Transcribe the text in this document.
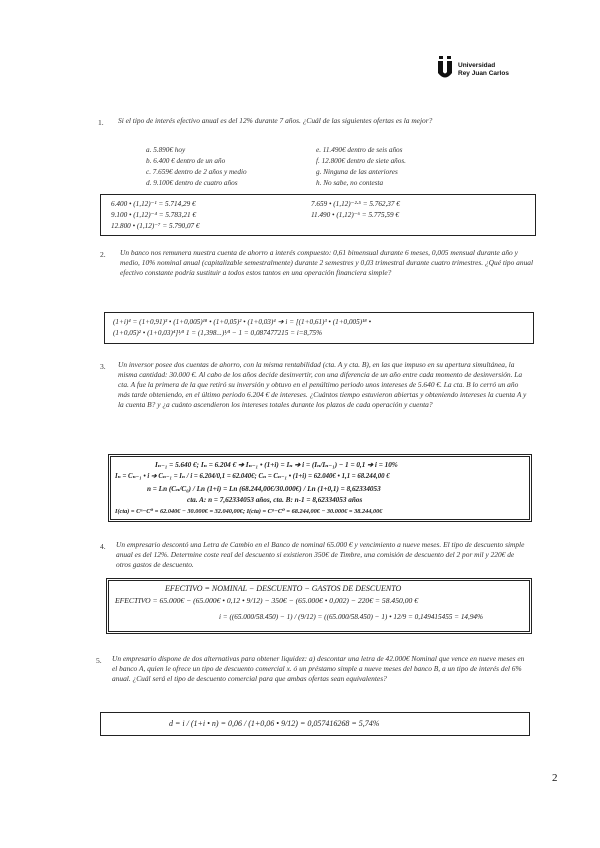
Universidad
Rey Juan Carlos
1. Si el tipo de interés efectivo anual es del 12% durante 7 años. ¿Cuál de las siguientes ofertas es la mejor?
a. 5.890€ hoy
b. 6.400 € dentro de un año
c. 7.659€ dentro de 2 años y medio
d. 9.100€ dentro de cuatro años
e. 11.490€ dentro de seis años
f. 12.800€ dentro de siete años.
g. Ninguna de las anteriores
h. No sabe, no contesta
6.400 • (1,12)⁻¹ = 5.714,29 €
9.100 • (1,12)⁻⁴ = 5.783,21 €
12.800 • (1,12)⁻⁷ = 5.790,07 €
7.659 • (1,12)⁻²·⁵ = 5.762,37 €
11.490 • (1,12)⁻⁶ = 5.775,59 €
2. Un banco nos remunera nuestra cuenta de ahorro a interés compuesto: 0,61 bimensual durante 6 meses, 0,005 mensual durante año y medio, 10% nominal anual (capitalizable semestralmente) durante 2 semestres y 0,03 trimestral durante cuatro trimestres. ¿Qué tipo anual efectivo constante podría sustituir a todos estos tantos en una operación financiera simple?
(1+i)⁴ = (1+0,91)³ • (1+0,005)¹⁸ • (1+0,05)² • (1+0,03)⁴ ➔ i = [(1+0,61)³ • (1+0,005)¹⁸ •
(1+0,05)² • (1+0,03)⁴]¹⁄⁴ 1 = (1,398...)¹⁄⁴ − 1 = 0,087477215 = i=8,75%
3. Un inversor posee dos cuentas de ahorro, con la misma rentabilidad (cta. A y cta. B), en las que impuso en su apertura simultánea, la misma cantidad: 30.000 €. Al cabo de los años decide desinvertir, con una diferencia de un año entre cada momento de desinversión. La cta. A fue la primera de la que retiró su inversión y obtuvo en el penúltimo periodo unos intereses de 5.640 €. La cta. B lo cerró un año más tarde obteniendo, en el último periodo 6.204 € de intereses. ¿Cuántos tiempo estuvieron abiertas y obteniendo intereses la cuenta A y la cuenta B? y ¿a cuánto ascendieron los intereses totales durante los plazos de cada operación y cuenta?
Iₙ₋₁ = 5.640 €; Iₙ = 6.204 € ➔ Iₙ₋₁ • (1+i) = Iₙ ➔ i = (Iₙ/Iₙ₋₁) − 1 = 0,1 ➔ i = 10%
Iₙ = Cₙ₋₁ • i ➔ Cₙ₋₁ = Iₙ / i = 6.204/0,1 = 62.040€; Cₙ = Cₙ₋₁ • (1+i) = 62.040€ • 1,1 = 68.244,00 €
n = Ln (Cₙ/C₀) / Ln (1+i) = Ln (68.244,00€/30.000€) / Ln (1+0,1) = 8,62334053
cta. A: n = 7,62334053 años, cta. B: n-1 = 8,62334053 años
I(cta) = Cⁿ−C⁰ = 62.040€ − 30.000€ = 32.040,00€; I(cta) = C⁸−C⁰ = 68.244,00€ − 30.000€ = 38.244,00€
4. Un empresario descontó una Letra de Cambio en el Banco de nominal 65.000 € y vencimiento a nueve meses. El tipo de descuento simple anual es del 12%. Determine coste real del descuento si existieron 350€ de Timbre, una comisión de descuento del 2 por mil y 220€ de otros gastos de descuento.
EFECTIVO = NOMINAL − DESCUENTO − GASTOS DE DESCUENTO
EFECTIVO = 65.000€ − (65.000€ • 0,12 • 9/12) − 350€ − (65.000€ • 0,002) − 220€ = 58.450,00 €
i = ((65.000/58.450) − 1) / (9/12) = ((65.000/58.450) − 1) • 12/9 = 0,149415455 = 14,94%
5. Un empresario dispone de dos alternativas para obtener liquidez: a) descontar una letra de 42.000€ Nominal que vence en nueve meses en el banco A, quien le ofrece un tipo de descuento comercial x. ó un préstamo simple a nueve meses del banco B, a un tipo de interés del 6% anual. ¿Cuál será el tipo de descuento comercial para que ambas ofertas sean equivalentes?
d = i / (1+i • n) = 0,06 / (1+0,06 • 9/12) = 0,057416268 = 5,74%
2
